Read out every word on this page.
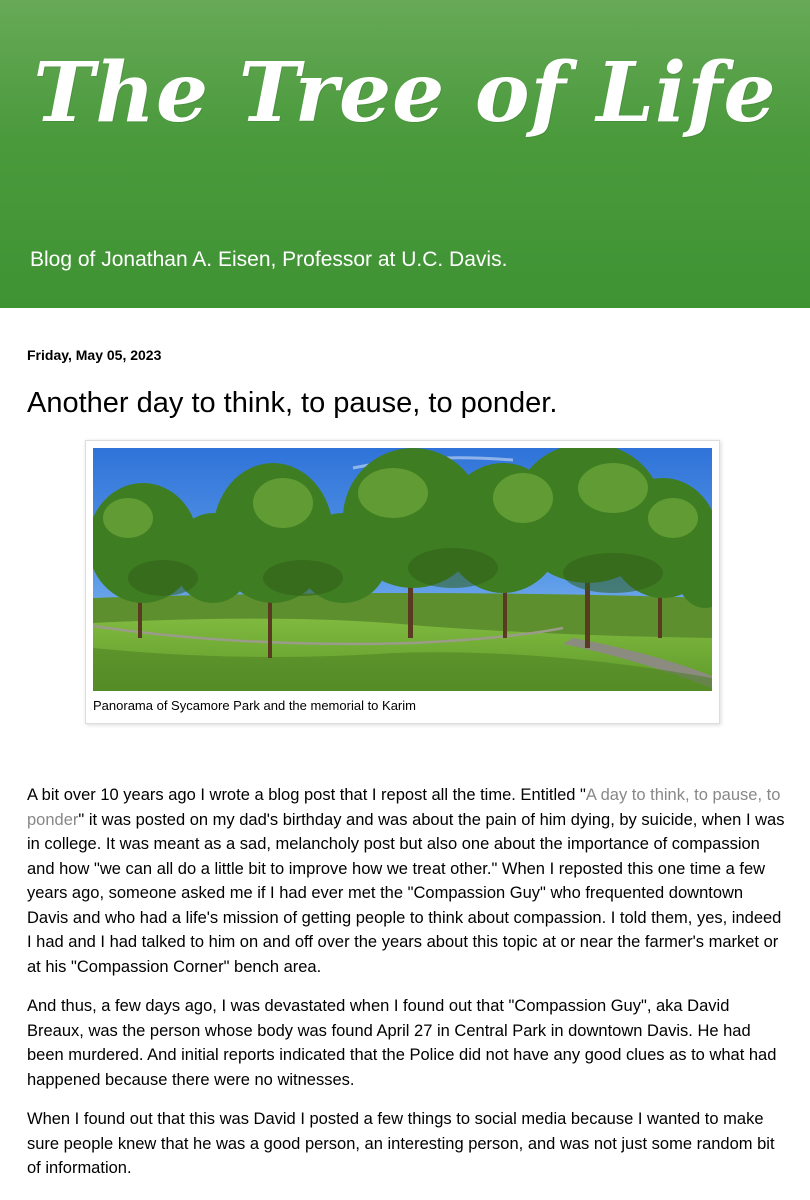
The Tree of Life

Blog of Jonathan A. Eisen, Professor at U.C. Davis.

Friday, May 05, 2023
Another day to think, to pause, to ponder.

Panorama of Sycamore Park and the memorial to Karim

A bit over 10 years ago I wrote a blog post that I repost all the time. Entitled "A day to think, to pause, to ponder" it was posted on my dad's birthday and was about the pain of him dying, by suicide, when I was in college. It was meant as a sad, melancholy post but also one about the importance of compassion and how "we can all do a little bit to improve how we treat other." When I reposted this one time a few years ago, someone asked me if I had ever met the "Compassion Guy" who frequented downtown Davis and who had a life's mission of getting people to think about compassion. I told them, yes, indeed I had and I had talked to him on and off over the years about this topic at or near the farmer's market or at his "Compassion Corner" bench area.

And thus, a few days ago, I was devastated when I found out that "Compassion Guy", aka David Breaux, was the person whose body was found April 27 in Central Park in downtown Davis. He had been murdered. And initial reports indicated that the Police did not have any good clues as to what had happened because there were no witnesses.

When I found out that this was David I posted a few things to social media because I wanted to make sure people knew that he was a good person, an interesting person, and was not just some random bit of information.
